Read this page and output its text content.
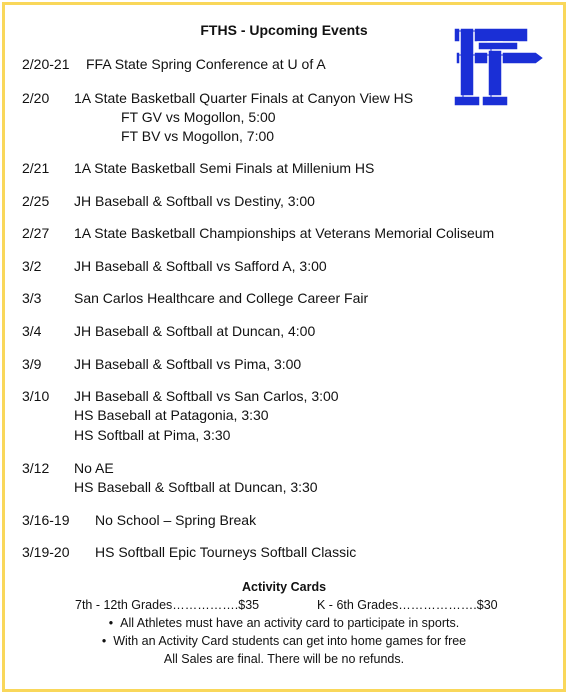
FTHS - Upcoming Events
2/20-21 FFA State Spring Conference at U of A
2/20 1A State Basketball Quarter Finals at Canyon View HS
FT GV vs Mogollon, 5:00
FT BV vs Mogollon, 7:00
2/21 1A State Basketball Semi Finals at Millenium HS
2/25 JH Baseball & Softball vs Destiny, 3:00
2/27 1A State Basketball Championships at Veterans Memorial Coliseum
3/2 JH Baseball & Softball vs Safford A, 3:00
3/3 San Carlos Healthcare and College Career Fair
3/4 JH Baseball & Softball at Duncan, 4:00
3/9 JH Baseball & Softball vs Pima, 3:00
3/10 JH Baseball & Softball vs San Carlos, 3:00
HS Baseball at Patagonia, 3:30
HS Softball at Pima, 3:30
3/12 No AE
HS Baseball & Softball at Duncan, 3:30
3/16-19 No School – Spring Break
3/19-20 HS Softball Epic Tourneys Softball Classic
Activity Cards
7th - 12th Grades…………….$35	K - 6th Grades……………….$30
•  All Athletes must have an activity card to participate in sports.
•  With an Activity Card students can get into home games for free
All Sales are final. There will be no refunds.
